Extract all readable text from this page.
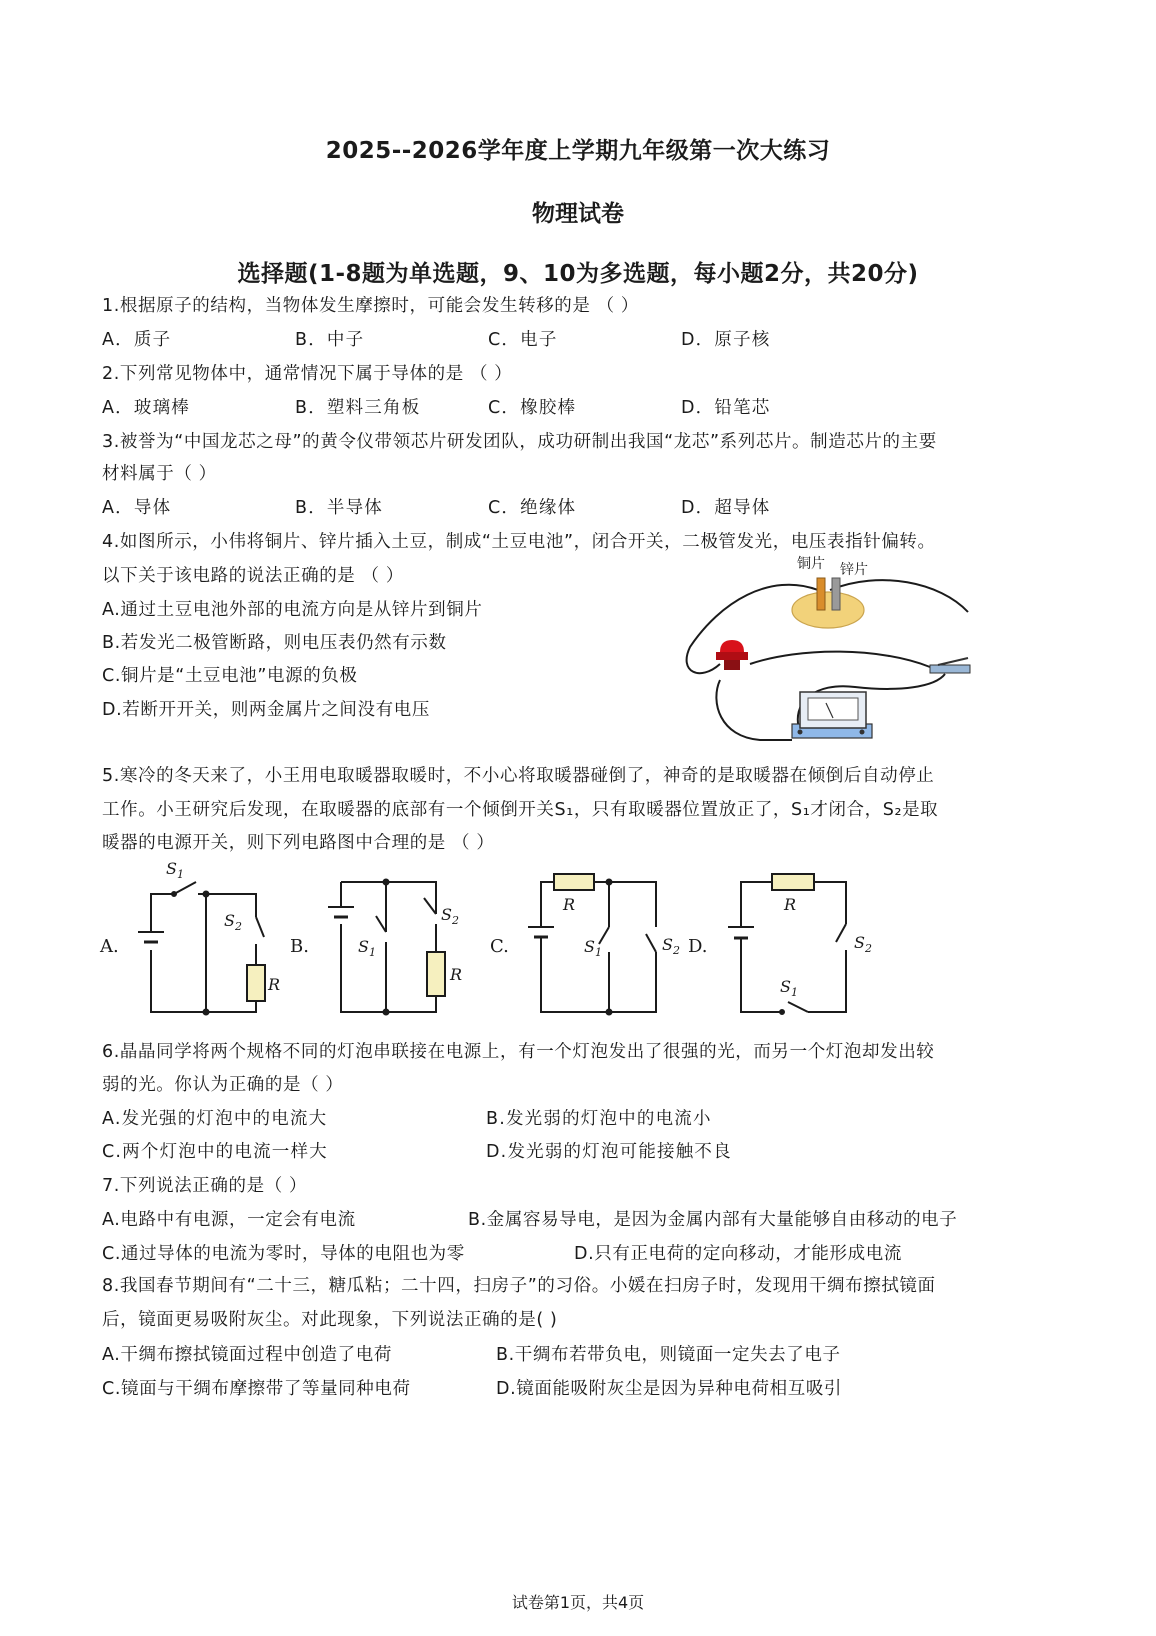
2025--2026学年度上学期九年级第一次大练习
物理试卷
选择题(1-8题为单选题，9、10为多选题，每小题2分，共20分)
1.根据原子的结构，当物体发生摩擦时，可能会发生转移的是 （ ）
A．质子	B．中子	C．电子	D．原子核
2.下列常见物体中，通常情况下属于导体的是 （ ）
A．玻璃棒	B．塑料三角板	C．橡胶棒	D．铅笔芯
3.被誉为“中国龙芯之母”的黄令仪带领芯片研发团队，成功研制出我国“龙芯”系列芯片。制造芯片的主要
材料属于（ ）
A．导体	B．半导体	C．绝缘体	D．超导体
4.如图所示，小伟将铜片、锌片插入土豆，制成“土豆电池”，闭合开关，二极管发光，电压表指针偏转。
以下关于该电路的说法正确的是 （ ）
A.通过土豆电池外部的电流方向是从锌片到铜片
B.若发光二极管断路，则电压表仍然有示数
C.铜片是“土豆电池”电源的负极
D.若断开开关，则两金属片之间没有电压
铜片 锌片
5.寒冷的冬天来了，小王用电取暖器取暖时，不小心将取暖器碰倒了，神奇的是取暖器在倾倒后自动停止
工作。小王研究后发现，在取暖器的底部有一个倾倒开关S₁，只有取暖器位置放正了，S₁才闭合，S₂是取
暖器的电源开关，则下列电路图中合理的是 （ ）
A.	B.	C.	D.
$S_1$
$S_2$
R
$S_2$
$S_1$
R
R
$S_1$	$S_2$
R
$S_2$
$S_1$
6.晶晶同学将两个规格不同的灯泡串联接在电源上，有一个灯泡发出了很强的光，而另一个灯泡却发出较
弱的光。你认为正确的是（ ）
A.发光强的灯泡中的电流大	B.发光弱的灯泡中的电流小
C.两个灯泡中的电流一样大	D.发光弱的灯泡可能接触不良
7.下列说法正确的是（ ）
A.电路中有电源，一定会有电流	B.金属容易导电，是因为金属内部有大量能够自由移动的电子
C.通过导体的电流为零时，导体的电阻也为零	D.只有正电荷的定向移动，才能形成电流
8.我国春节期间有“二十三，糖瓜粘；二十四，扫房子”的习俗。小媛在扫房子时，发现用干绸布擦拭镜面
后，镜面更易吸附灰尘。对此现象，下列说法正确的是( )
A.干绸布擦拭镜面过程中创造了电荷	B.干绸布若带负电，则镜面一定失去了电子
C.镜面与干绸布摩擦带了等量同种电荷	D.镜面能吸附灰尘是因为异种电荷相互吸引
试卷第1页，共4页
